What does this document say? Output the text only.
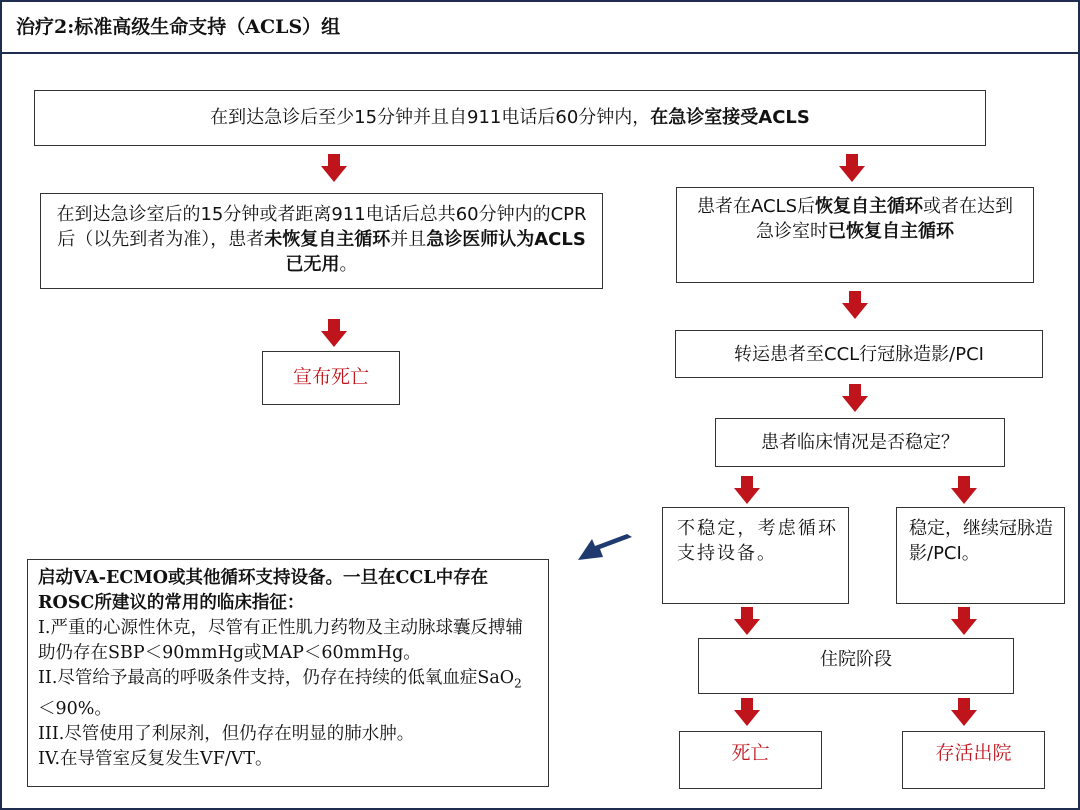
治疗2:标准高级生命支持（ACLS）组
在到达急诊后至少15分钟并且自911电话后60分钟内，在急诊室接受ACLS
在到达急诊室后的15分钟或者距离911电话后总共60分钟内的CPR后（以先到者为准），患者未恢复自主循环并且急诊医师认为ACLS已无用。
患者在ACLS后恢复自主循环或者在达到急诊室时已恢复自主循环
宣布死亡
转运患者至CCL行冠脉造影/PCI
患者临床情况是否稳定？
不稳定，考虑循环支持设备。
稳定，继续冠脉造影/PCI。
启动VA-ECMO或其他循环支持设备。一旦在CCL中存在ROSC所建议的常用的临床指征：
I.严重的心源性休克，尽管有正性肌力药物及主动脉球囊反搏辅助仍存在SBP＜90mmHg或MAP＜60mmHg。
II.尽管给予最高的呼吸条件支持，仍存在持续的低氧血症SaO$_2$＜90%。
III.尽管使用了利尿剂，但仍存在明显的肺水肿。
IV.在导管室反复发生VF/VT。
住院阶段
死亡	存活出院
